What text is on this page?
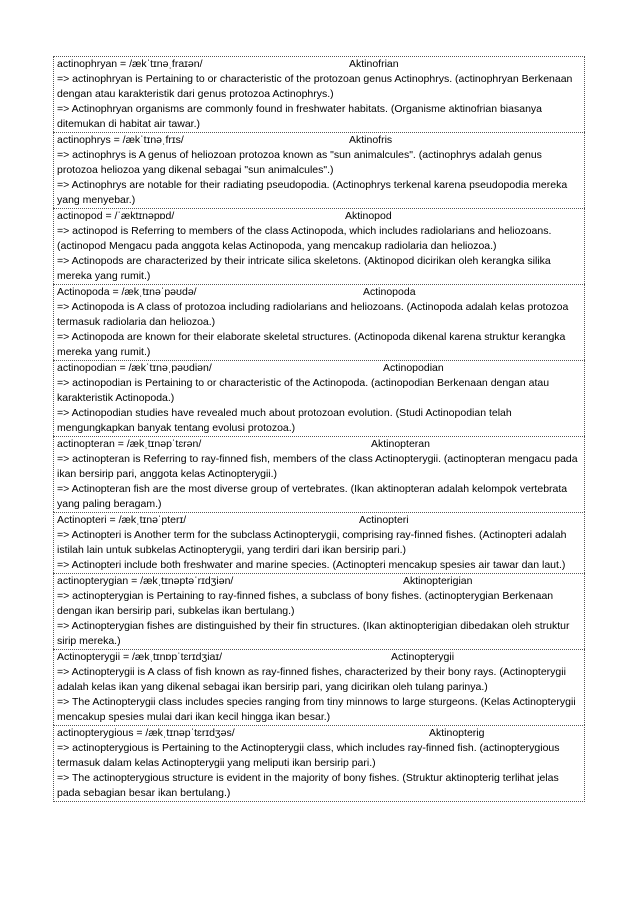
actinophryan = /ækˈtɪnəˌfraɪən/	Aktinofrian
=> actinophryan is Pertaining to or characteristic of the protozoan genus Actinophrys. (actinophryan Berkenaan dengan atau karakteristik dari genus protozoa Actinophrys.)
=> Actinophryan organisms are commonly found in freshwater habitats. (Organisme aktinofrian biasanya ditemukan di habitat air tawar.)
actinophrys = /ækˈtɪnəˌfrɪs/	Aktinofris
=> actinophrys is A genus of heliozoan protozoa known as "sun animalcules". (actinophrys adalah genus protozoa heliozoa yang dikenal sebagai "sun animalcules".)
=> Actinophrys are notable for their radiating pseudopodia. (Actinophrys terkenal karena pseudopodia mereka yang menyebar.)
actinopod = /ˈæktɪnəpɒd/	Aktinopod
=> actinopod is Referring to members of the class Actinopoda, which includes radiolarians and heliozoans. (actinopod Mengacu pada anggota kelas Actinopoda, yang mencakup radiolaria dan heliozoa.)
=> Actinopods are characterized by their intricate silica skeletons. (Aktinopod dicirikan oleh kerangka silika mereka yang rumit.)
Actinopoda = /ækˌtɪnəˈpəʊdə/	Actinopoda
=> Actinopoda is A class of protozoa including radiolarians and heliozoans. (Actinopoda adalah kelas protozoa termasuk radiolaria dan heliozoa.)
=> Actinopoda are known for their elaborate skeletal structures. (Actinopoda dikenal karena struktur kerangka mereka yang rumit.)
actinopodian = /ækˈtɪnəˌpəʊdiən/	Actinopodian
=> actinopodian is Pertaining to or characteristic of the Actinopoda. (actinopodian Berkenaan dengan atau karakteristik Actinopoda.)
=> Actinopodian studies have revealed much about protozoan evolution. (Studi Actinopodian telah mengungkapkan banyak tentang evolusi protozoa.)
actinopteran = /ækˌtɪnəpˈtɛrən/	Aktinopteran
=> actinopteran is Referring to ray-finned fish, members of the class Actinopterygii. (actinopteran mengacu pada ikan bersirip pari, anggota kelas Actinopterygii.)
=> Actinopteran fish are the most diverse group of vertebrates. (Ikan aktinopteran adalah kelompok vertebrata yang paling beragam.)
Actinopteri = /ækˌtɪnəˈpterɪ/	Actinopteri
=> Actinopteri is Another term for the subclass Actinopterygii, comprising ray-finned fishes. (Actinopteri adalah istilah lain untuk subkelas Actinopterygii, yang terdiri dari ikan bersirip pari.)
=> Actinopteri include both freshwater and marine species. (Actinopteri mencakup spesies air tawar dan laut.)
actinopterygian = /ækˌtɪnəptəˈrɪdʒiən/	Aktinopterigian
=> actinopterygian is Pertaining to ray-finned fishes, a subclass of bony fishes. (actinopterygian Berkenaan dengan ikan bersirip pari, subkelas ikan bertulang.)
=> Actinopterygian fishes are distinguished by their fin structures. (Ikan aktinopterigian dibedakan oleh struktur sirip mereka.)
Actinopterygii = /ækˌtɪnɒpˈtɛrɪdʒiaɪ/	Actinopterygii
=> Actinopterygii is A class of fish known as ray-finned fishes, characterized by their bony rays. (Actinopterygii adalah kelas ikan yang dikenal sebagai ikan bersirip pari, yang dicirikan oleh tulang parinya.)
=> The Actinopterygii class includes species ranging from tiny minnows to large sturgeons. (Kelas Actinopterygii mencakup spesies mulai dari ikan kecil hingga ikan besar.)
actinopterygious = /ækˌtɪnəpˈtɛrɪdʒəs/	Aktinopterig
=> actinopterygious is Pertaining to the Actinopterygii class, which includes ray-finned fish. (actinopterygious termasuk dalam kelas Actinopterygii yang meliputi ikan bersirip pari.)
=> The actinopterygious structure is evident in the majority of bony fishes. (Struktur aktinopterig terlihat jelas pada sebagian besar ikan bertulang.)
